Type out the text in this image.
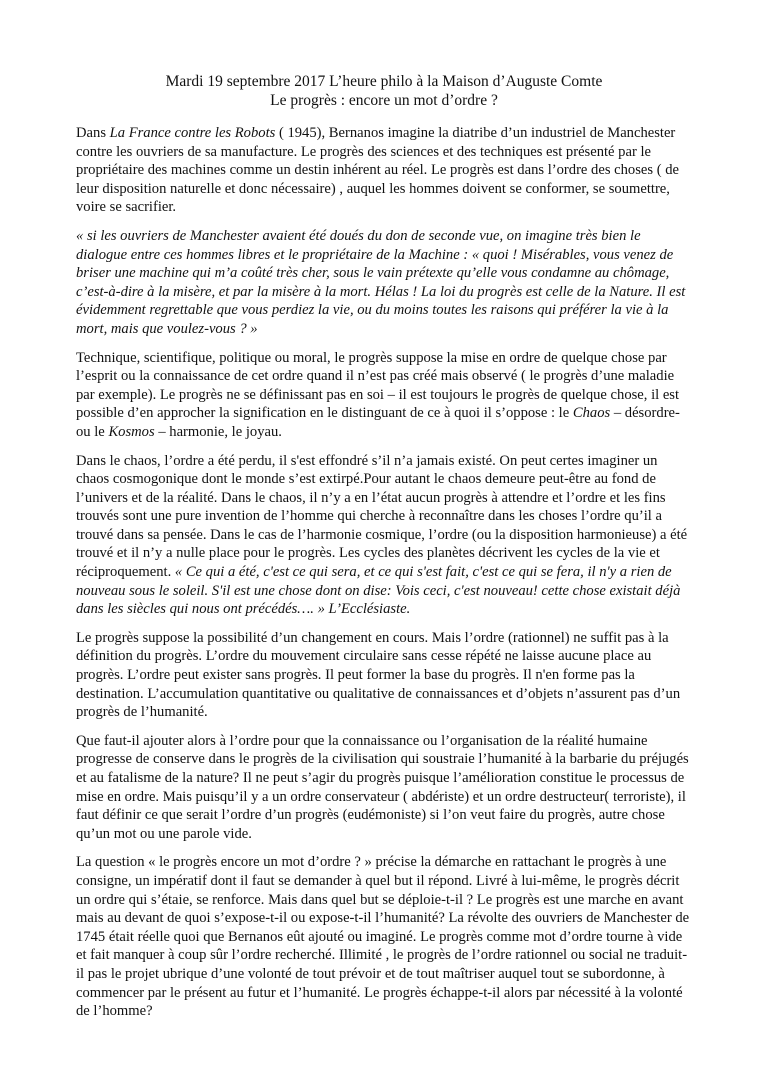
Mardi 19 septembre 2017 L’heure philo à la Maison d’Auguste Comte
Le progrès : encore un mot d’ordre ?

Dans La France contre les Robots ( 1945), Bernanos imagine la diatribe d’un industriel de Manchester contre les ouvriers de sa manufacture. Le progrès des sciences et des techniques est présenté par le propriétaire des machines comme un destin inhérent au réel. Le progrès est dans l’ordre des choses ( de leur disposition naturelle et donc nécessaire) , auquel les hommes doivent se conformer, se soumettre, voire se sacrifier.

« si les ouvriers de Manchester avaient été doués du don de seconde vue, on imagine très bien le dialogue entre ces hommes libres et le propriétaire de la Machine : « quoi ! Misérables, vous venez de briser une machine qui m’a coûté très cher, sous le vain prétexte qu’elle vous condamne au chômage, c’est-à-dire à la misère, et par la misère à la mort. Hélas ! La loi du progrès est celle de la Nature. Il est évidemment regrettable que vous perdiez la vie, ou du moins toutes les raisons qui préférer la vie à la mort, mais que voulez-vous ? »

Technique, scientifique, politique ou moral, le progrès suppose la mise en ordre de quelque chose par l’esprit ou la connaissance de cet ordre quand il n’est pas créé mais observé ( le progrès d’une maladie par exemple). Le progrès ne se définissant pas en soi – il est toujours le progrès de quelque chose, il est possible d’en approcher la signification en le distinguant de ce à quoi il s’oppose : le Chaos – désordre- ou le Kosmos – harmonie, le joyau.

Dans le chaos, l’ordre a été perdu, il s'est effondré s’il n’a jamais existé. On peut certes imaginer un chaos cosmogonique dont le monde s’est extirpé.Pour autant le chaos demeure peut-être au fond de l’univers et de la réalité. Dans le chaos, il n’y a en l’état aucun progrès à attendre et l’ordre et les fins trouvés sont une pure invention de l’homme qui cherche à reconnaître dans les choses l’ordre qu’il a trouvé dans sa pensée. Dans le cas de l’harmonie cosmique, l’ordre (ou la disposition harmonieuse) a été trouvé et il n’y a nulle place pour le progrès. Les cycles des planètes décrivent les cycles de la vie et réciproquement. « Ce qui a été, c'est ce qui sera, et ce qui s'est fait, c'est ce qui se fera, il n'y a rien de nouveau sous le soleil. S'il est une chose dont on dise: Vois ceci, c'est nouveau! cette chose existait déjà dans les siècles qui nous ont précédés…. » L’Ecclésiaste.

Le progrès suppose la possibilité d’un changement en cours. Mais l’ordre (rationnel) ne suffit pas à la définition du progrès. L’ordre du mouvement circulaire sans cesse répété ne laisse aucune place au progrès. L’ordre peut exister sans progrès. Il peut former la base du progrès. Il n'en forme pas la destination. L’accumulation quantitative ou qualitative de connaissances et d’objets n’assurent pas d’un progrès de l’humanité.

Que faut-il ajouter alors à l’ordre pour que la connaissance ou l’organisation de la réalité humaine progresse de conserve dans le progrès de la civilisation qui soustraie l’humanité à la barbarie du préjugés et au fatalisme de la nature? Il ne peut s’agir du progrès puisque l’amélioration constitue le processus de mise en ordre. Mais puisqu’il y a un ordre conservateur ( abdériste) et un ordre destructeur( terroriste), il faut définir ce que serait l’ordre d’un progrès (eudémoniste) si l’on veut faire du progrès, autre chose qu’un mot ou une parole vide.

La question « le progrès encore un mot d’ordre ? » précise la démarche en rattachant le progrès à une consigne, un impératif dont il faut se demander à quel but il répond. Livré à lui-même, le progrès décrit un ordre qui s’étaie, se renforce. Mais dans quel but se déploie-t-il ? Le progrès est une marche en avant mais au devant de quoi s’expose-t-il ou expose-t-il l’humanité? La révolte des ouvriers de Manchester de 1745 était réelle quoi que Bernanos eût ajouté ou imaginé. Le progrès comme mot d’ordre tourne à vide et fait manquer à coup sûr l’ordre recherché. Illimité , le progrès de l’ordre rationnel ou social ne traduit-il pas le projet ubrique d’une volonté de tout prévoir et de tout maîtriser auquel tout se subordonne, à commencer par le présent au futur et l’humanité. Le progrès échappe-t-il alors par nécessité à la volonté de l’homme?
